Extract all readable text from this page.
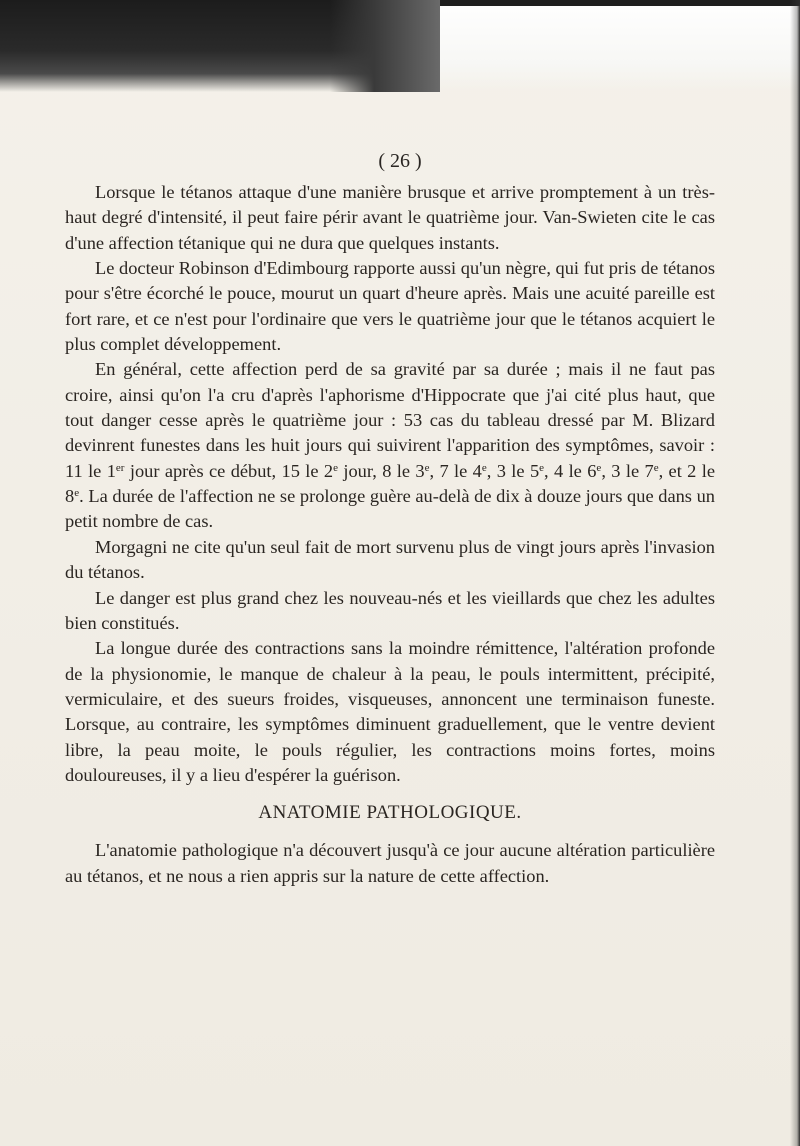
( 26 )

Lorsque le tétanos attaque d'une manière brusque et arrive promptement à un très-haut degré d'intensité, il peut faire périr avant le quatrième jour. Van-Swieten cite le cas d'une affection tétanique qui ne dura que quelques instants.

Le docteur Robinson d'Edimbourg rapporte aussi qu'un nègre, qui fut pris de tétanos pour s'être écorché le pouce, mourut un quart d'heure après. Mais une acuité pareille est fort rare, et ce n'est pour l'ordinaire que vers le quatrième jour que le tétanos acquiert le plus complet développement.

En général, cette affection perd de sa gravité par sa durée ; mais il ne faut pas croire, ainsi qu'on l'a cru d'après l'aphorisme d'Hippocrate que j'ai cité plus haut, que tout danger cesse après le quatrième jour : 53 cas du tableau dressé par M. Blizard devinrent funestes dans les huit jours qui suivirent l'apparition des symptômes, savoir : 11 le 1er jour après ce début, 15 le 2e jour, 8 le 3e, 7 le 4e, 3 le 5e, 4 le 6e, 3 le 7e, et 2 le 8e. La durée de l'affection ne se prolonge guère au-delà de dix à douze jours que dans un petit nombre de cas.

Morgagni ne cite qu'un seul fait de mort survenu plus de vingt jours après l'invasion du tétanos.

Le danger est plus grand chez les nouveau-nés et les vieillards que chez les adultes bien constitués.

La longue durée des contractions sans la moindre rémittence, l'altération profonde de la physionomie, le manque de chaleur à la peau, le pouls intermittent, précipité, vermiculaire, et des sueurs froides, visqueuses, annoncent une terminaison funeste. Lorsque, au contraire, les symptômes diminuent graduellement, que le ventre devient libre, la peau moite, le pouls régulier, les contractions moins fortes, moins douloureuses, il y a lieu d'espérer la guérison.

ANATOMIE PATHOLOGIQUE.

L'anatomie pathologique n'a découvert jusqu'à ce jour aucune altération particulière au tétanos, et ne nous a rien appris sur la nature de cette affection.
